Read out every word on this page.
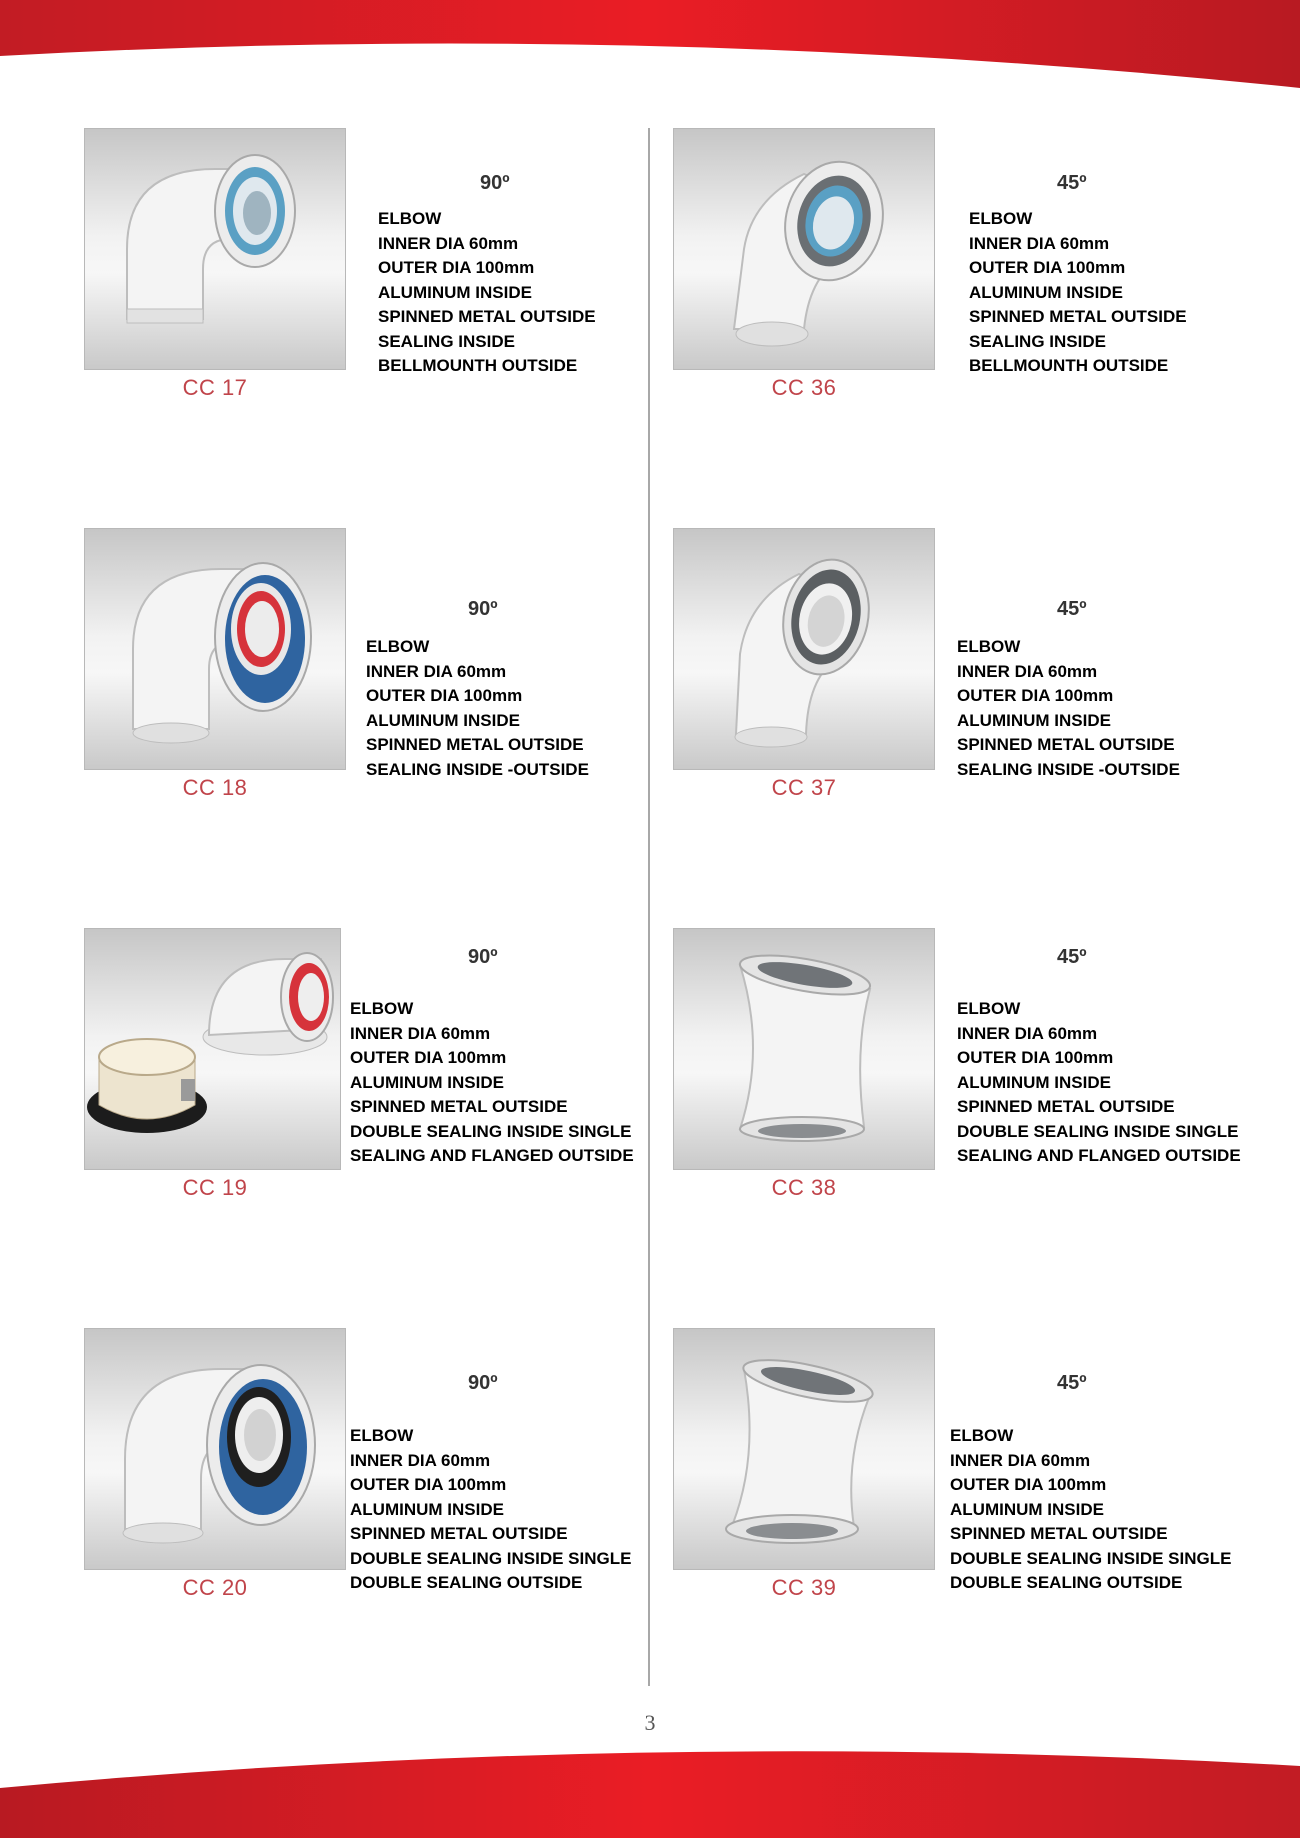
CC 17
90º
ELBOW
INNER DIA 60mm
OUTER DIA 100mm
ALUMINUM INSIDE
SPINNED METAL OUTSIDE
SEALING INSIDE
BELLMOUNTH OUTSIDE
CC 36
45º
ELBOW
INNER DIA 60mm
OUTER DIA 100mm
ALUMINUM INSIDE
SPINNED METAL OUTSIDE
SEALING INSIDE
BELLMOUNTH OUTSIDE
CC 18
90º
ELBOW
INNER DIA 60mm
OUTER DIA 100mm
ALUMINUM INSIDE
SPINNED METAL OUTSIDE
SEALING INSIDE -OUTSIDE
CC 37
45º
ELBOW
INNER DIA 60mm
OUTER DIA 100mm
ALUMINUM INSIDE
SPINNED METAL OUTSIDE
SEALING INSIDE -OUTSIDE
CC 19
90º
ELBOW
INNER DIA 60mm
OUTER DIA 100mm
ALUMINUM INSIDE
SPINNED METAL OUTSIDE
DOUBLE SEALING INSIDE SINGLE
SEALING AND FLANGED OUTSIDE
CC 38
45º
ELBOW
INNER DIA 60mm
OUTER DIA 100mm
ALUMINUM INSIDE
SPINNED METAL OUTSIDE
DOUBLE SEALING INSIDE SINGLE
SEALING AND FLANGED OUTSIDE
CC 20
90º
ELBOW
INNER DIA 60mm
OUTER DIA 100mm
ALUMINUM INSIDE
SPINNED METAL OUTSIDE
DOUBLE SEALING INSIDE SINGLE
DOUBLE SEALING OUTSIDE	CC 39
45º
ELBOW
INNER DIA 60mm
OUTER DIA 100mm
ALUMINUM INSIDE
SPINNED METAL OUTSIDE
DOUBLE SEALING INSIDE SINGLE
DOUBLE SEALING OUTSIDE
3
